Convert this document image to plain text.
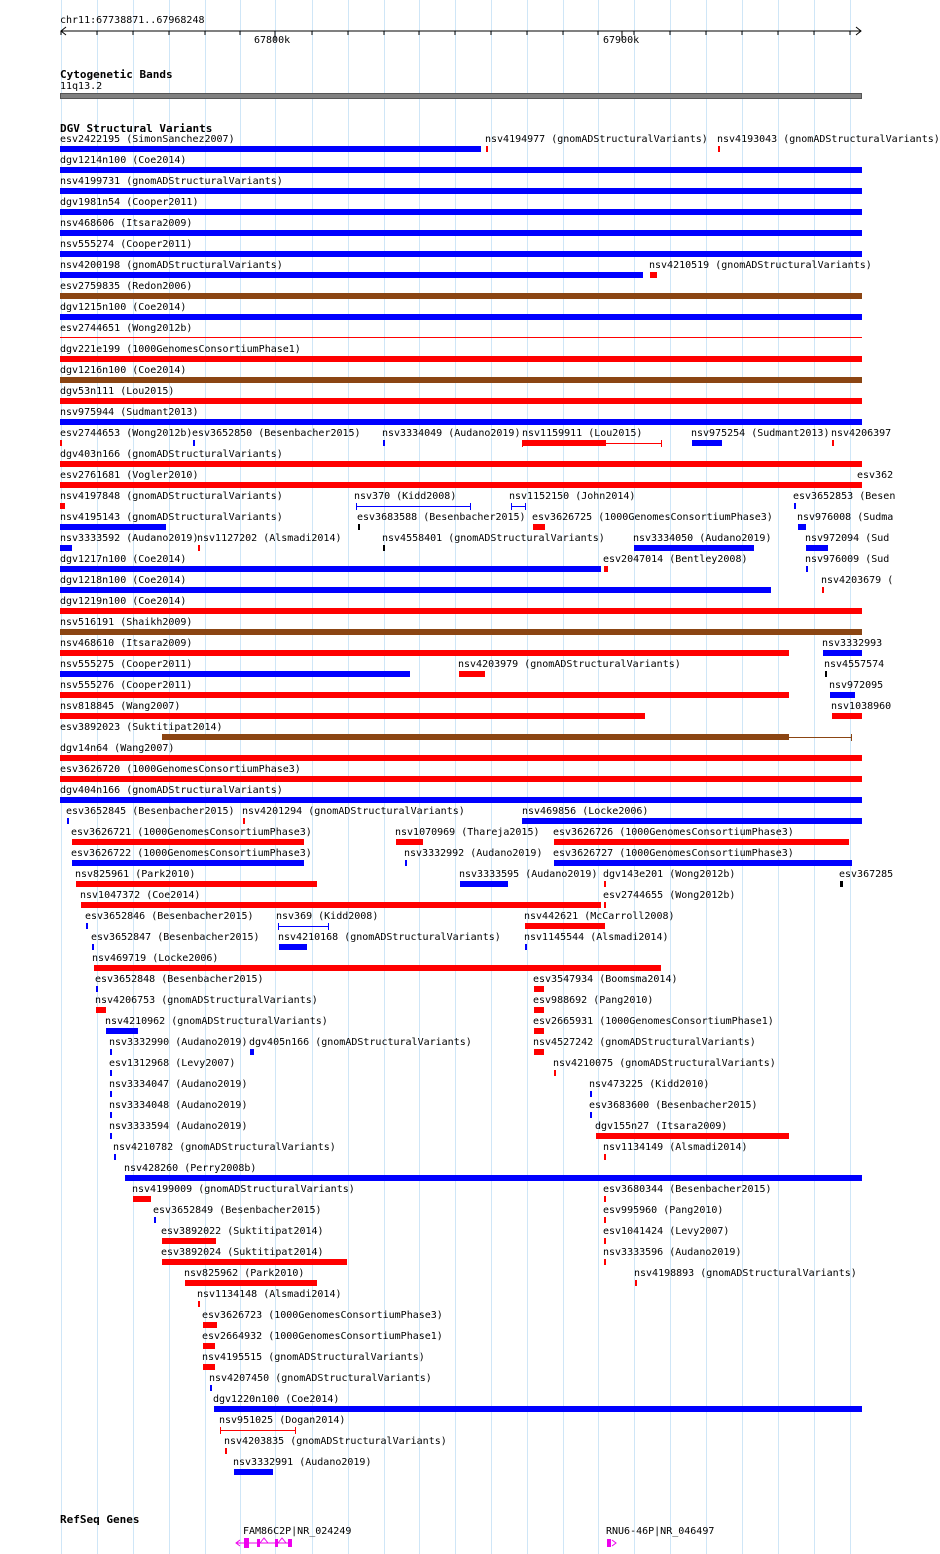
chr11:67738871..67968248
67800k	67900k
Cytogenetic Bands
11q13.2
DGV Structural Variants
esv2422195 (SimonSanchez2007)	nsv4194977 (gnomADStructuralVariants) nsv4193043 (gnomADStructuralVariants)
dgv1214n100 (Coe2014)
nsv4199731 (gnomADStructuralVariants)
dgv1981n54 (Cooper2011)
nsv468606 (Itsara2009)
nsv555274 (Cooper2011)
nsv4200198 (gnomADStructuralVariants)	nsv4210519 (gnomADStructuralVariants)
esv2759835 (Redon2006)
dgv1215n100 (Coe2014)
esv2744651 (Wong2012b)
dgv221e199 (1000GenomesConsortiumPhase1)
dgv1216n100 (Coe2014)
dgv53n111 (Lou2015)
nsv975944 (Sudmant2013)
esv2744653 (Wong2012b) esv3652850 (Besenbacher2015) nsv3334049 (Audano2019) nsv1159911 (Lou2015)	nsv975254 (Sudmant2013) nsv4206397
dgv403n166 (gnomADStructuralVariants)
esv2761681 (Vogler2010)	esv362
nsv4197848 (gnomADStructuralVariants)	nsv370 (Kidd2008)	nsv1152150 (John2014)	esv3652853 (Besen
nsv4195143 (gnomADStructuralVariants)	esv3683588 (Besenbacher2015) esv3626725 (1000GenomesConsortiumPhase3) nsv976008 (Sudma
nsv3333592 (Audano2019)
nsv1127202 (Alsmadi2014)	nsv4558401 (gnomADStructuralVariants)	nsv3334050 (Audano2019)	nsv972094 (Sud
dgv1217n100 (Coe2014)	esv2047014 (Bentley2008)	nsv976009 (Sud
dgv1218n100 (Coe2014)	nsv4203679 (
dgv1219n100 (Coe2014)
nsv516191 (Shaikh2009)
nsv468610 (Itsara2009)	nsv3332993
nsv555275 (Cooper2011)	nsv4203979 (gnomADStructuralVariants)	nsv4557574
nsv555276 (Cooper2011)	nsv972095
nsv818845 (Wang2007)	nsv1038960
esv3892023 (Suktitipat2014)
dgv14n64 (Wang2007)
esv3626720 (1000GenomesConsortiumPhase3)
dgv404n166 (gnomADStructuralVariants)
esv3652845 (Besenbacher2015) nsv4201294 (gnomADStructuralVariants)	nsv469856 (Locke2006)
esv3626721 (1000GenomesConsortiumPhase3)	nsv1070969 (Thareja2015) esv3626726 (1000GenomesConsortiumPhase3)
esv3626722 (1000GenomesConsortiumPhase3)	nsv3332992 (Audano2019) esv3626727 (1000GenomesConsortiumPhase3)
nsv825961 (Park2010)	nsv3333595 (Audano2019) dgv143e201 (Wong2012b)	esv367285
nsv1047372 (Coe2014)	esv2744655 (Wong2012b)
esv3652846 (Besenbacher2015) nsv369 (Kidd2008)	nsv442621 (McCarroll2008)
esv3652847 (Besenbacher2015) nsv4210168 (gnomADStructuralVariants) nsv1145544 (Alsmadi2014)
nsv469719 (Locke2006)
esv3652848 (Besenbacher2015)	esv3547934 (Boomsma2014)
nsv4206753 (gnomADStructuralVariants)	esv988692 (Pang2010)
nsv4210962 (gnomADStructuralVariants)	esv2665931 (1000GenomesConsortiumPhase1)
nsv3332990 (Audano2019) dgv405n166 (gnomADStructuralVariants)	nsv4527242 (gnomADStructuralVariants)
esv1312968 (Levy2007)	nsv4210075 (gnomADStructuralVariants)
nsv3334047 (Audano2019)	nsv473225 (Kidd2010)
nsv3334048 (Audano2019)	esv3683600 (Besenbacher2015)
nsv3333594 (Audano2019)	dgv155n27 (Itsara2009)
nsv4210782 (gnomADStructuralVariants)	nsv1134149 (Alsmadi2014)
nsv428260 (Perry2008b)
nsv4199009 (gnomADStructuralVariants)	esv3680344 (Besenbacher2015)
esv3652849 (Besenbacher2015)	esv995960 (Pang2010)
esv3892022 (Suktitipat2014)	esv1041424 (Levy2007)
esv3892024 (Suktitipat2014)	nsv3333596 (Audano2019)
nsv825962 (Park2010)	nsv4198893 (gnomADStructuralVariants)
nsv1134148 (Alsmadi2014)
esv3626723 (1000GenomesConsortiumPhase3)
esv2664932 (1000GenomesConsortiumPhase1)
nsv4195515 (gnomADStructuralVariants)
nsv4207450 (gnomADStructuralVariants)
dgv1220n100 (Coe2014)
nsv951025 (Dogan2014)
nsv4203835 (gnomADStructuralVariants)
nsv3332991 (Audano2019)
RefSeq Genes
FAM86C2P|NR_024249	RNU6-46P|NR_046497
